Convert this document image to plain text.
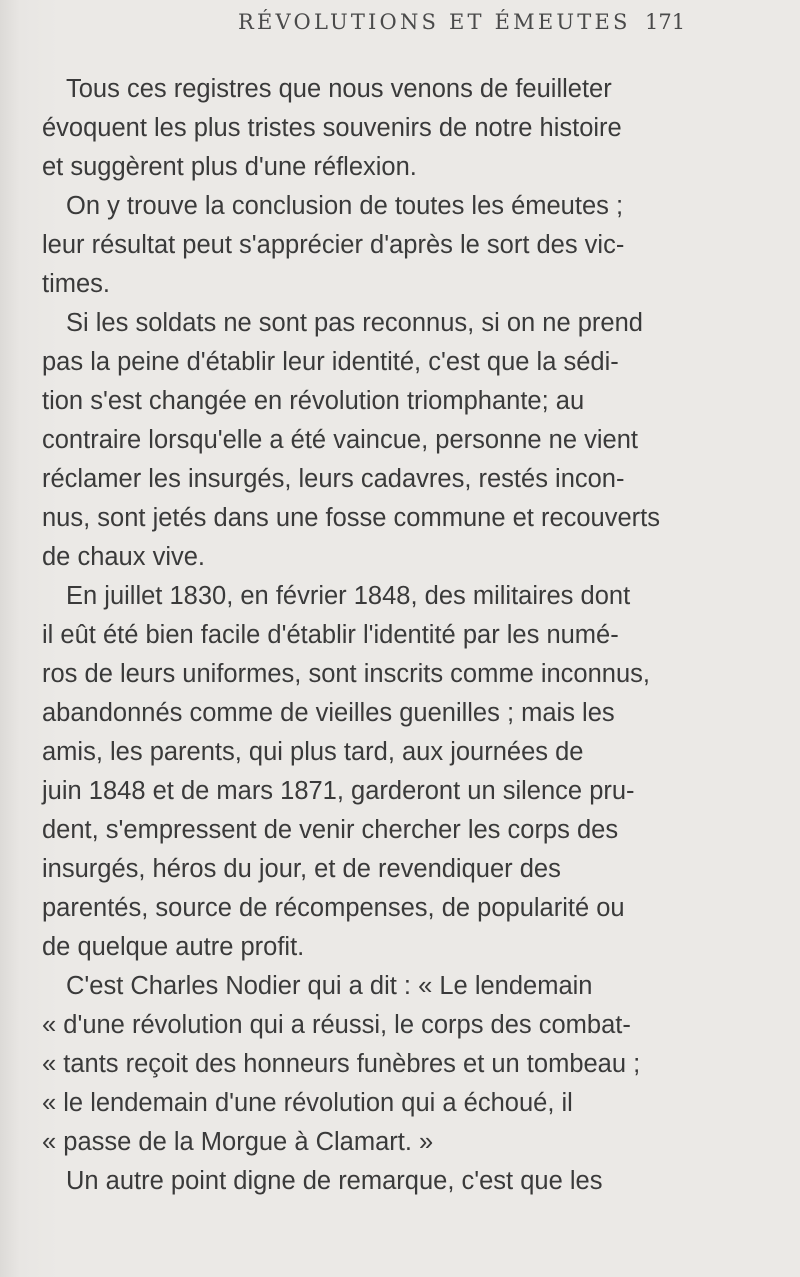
RÉVOLUTIONS ET ÉMEUTES 171
Tous ces registres que nous venons de feuilleter
évoquent les plus tristes souvenirs de notre histoire
et suggèrent plus d'une réflexion.
On y trouve la conclusion de toutes les émeutes ;
leur résultat peut s'apprécier d'après le sort des vic-
times.
Si les soldats ne sont pas reconnus, si on ne prend
pas la peine d'établir leur identité, c'est que la sédi-
tion s'est changée en révolution triomphante; au
contraire lorsqu'elle a été vaincue, personne ne vient
réclamer les insurgés, leurs cadavres, restés incon-
nus, sont jetés dans une fosse commune et recouverts
de chaux vive.
En juillet 1830, en février 1848, des militaires dont
il eût été bien facile d'établir l'identité par les numé-
ros de leurs uniformes, sont inscrits comme inconnus,
abandonnés comme de vieilles guenilles ; mais les
amis, les parents, qui plus tard, aux journées de
juin 1848 et de mars 1871, garderont un silence pru-
dent, s'empressent de venir chercher les corps des
insurgés, héros du jour, et de revendiquer des
parentés, source de récompenses, de popularité ou
de quelque autre profit.
C'est Charles Nodier qui a dit : « Le lendemain
« d'une révolution qui a réussi, le corps des combat-
« tants reçoit des honneurs funèbres et un tombeau ;
« le lendemain d'une révolution qui a échoué, il
« passe de la Morgue à Clamart. »
Un autre point digne de remarque, c'est que les
